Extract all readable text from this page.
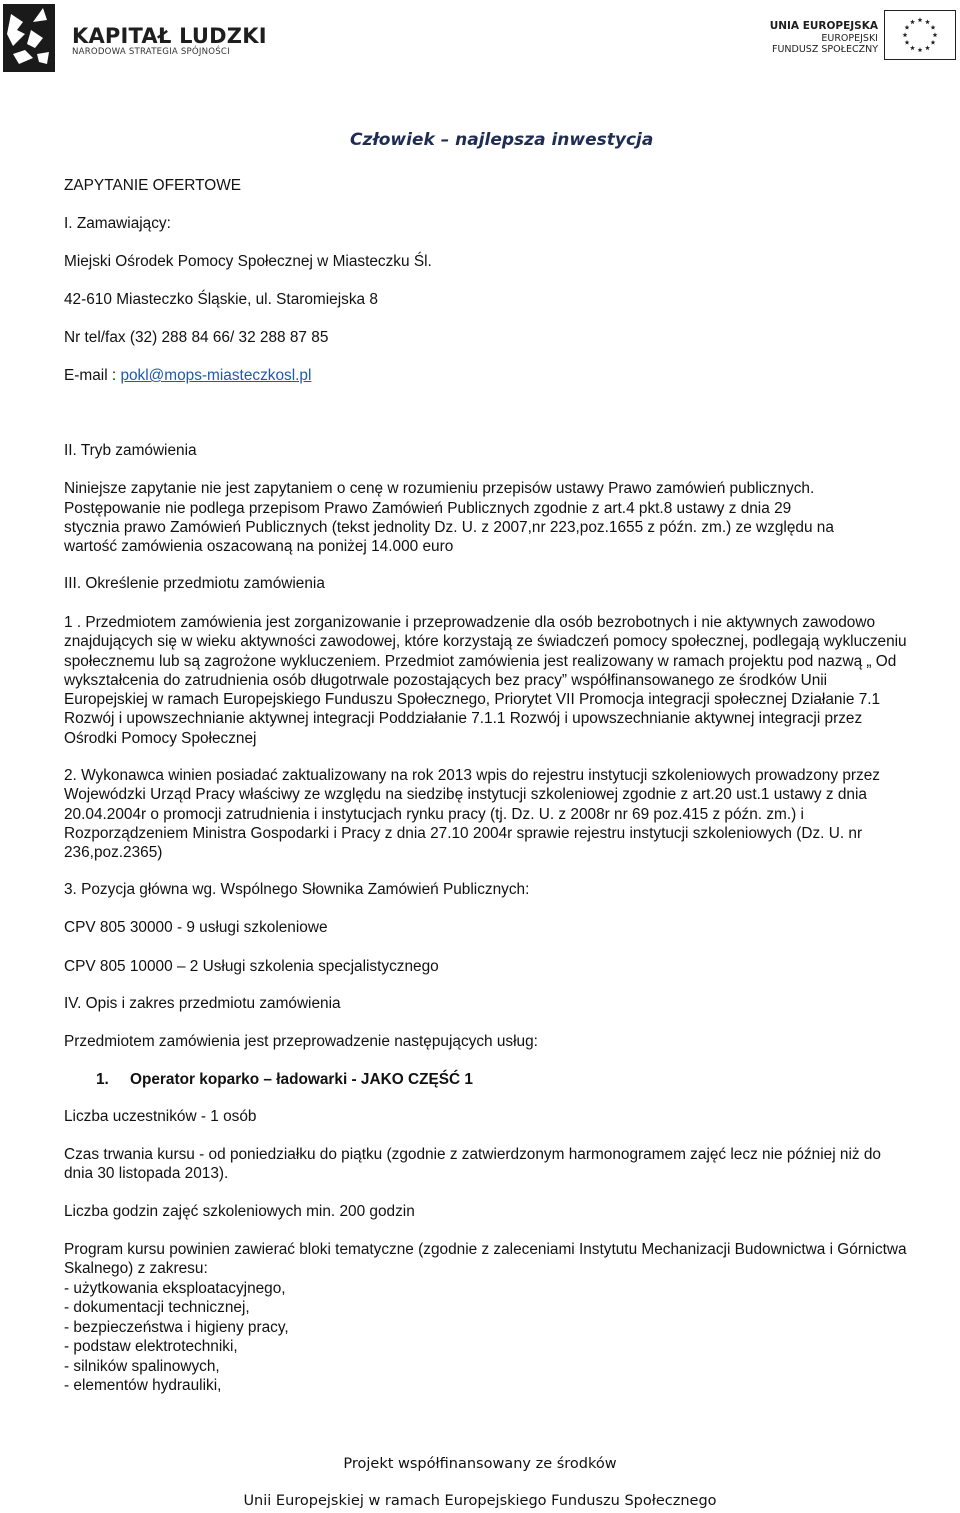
KAPITAŁ LUDZKI
NARODOWA STRATEGIA SPÓJNOŚCI
UNIA EUROPEJSKA
EUROPEJSKI
FUNDUSZ SPOŁECZNY
Człowiek – najlepsza inwestycja
ZAPYTANIE OFERTOWE
I. Zamawiający:
Miejski Ośrodek Pomocy Społecznej w Miasteczku Śl.
42-610 Miasteczko Śląskie, ul. Staromiejska 8
Nr tel/fax (32) 288 84 66/ 32 288 87 85
E-mail : pokl@mops-miasteczkosl.pl
II. Tryb zamówienia
Niniejsze zapytanie nie jest zapytaniem o cenę w rozumieniu przepisów ustawy Prawo zamówień publicznych.
Postępowanie nie podlega przepisom Prawo Zamówień Publicznych zgodnie z art.4 pkt.8 ustawy z dnia 29
stycznia prawo Zamówień Publicznych (tekst jednolity Dz. U. z 2007,nr 223,poz.1655 z późn. zm.) ze względu na
wartość zamówienia oszacowaną na poniżej 14.000 euro
III. Określenie przedmiotu zamówienia
1 . Przedmiotem zamówienia jest zorganizowanie i przeprowadzenie dla osób bezrobotnych i nie aktywnych zawodowo znajdujących się w wieku aktywności zawodowej, które korzystają ze świadczeń pomocy społecznej, podlegają wykluczeniu społecznemu lub są zagrożone wykluczeniem. Przedmiot zamówienia jest realizowany w ramach projektu pod nazwą „ Od wykształcenia do zatrudnienia osób długotrwale pozostających bez pracy” współfinansowanego ze środków Unii Europejskiej w ramach Europejskiego Funduszu Społecznego, Priorytet VII Promocja integracji społecznej Działanie 7.1 Rozwój i upowszechnianie aktywnej integracji Poddziałanie 7.1.1 Rozwój i upowszechnianie aktywnej integracji przez Ośrodki Pomocy Społecznej
2. Wykonawca winien posiadać zaktualizowany na rok 2013 wpis do rejestru instytucji szkoleniowych prowadzony przez Wojewódzki Urząd Pracy właściwy ze względu na siedzibę instytucji szkoleniowej zgodnie z art.20 ust.1 ustawy z dnia 20.04.2004r o promocji zatrudnienia i instytucjach rynku pracy (tj. Dz. U. z 2008r nr 69 poz.415 z późn. zm.) i Rozporządzeniem Ministra Gospodarki i Pracy z dnia 27.10 2004r sprawie rejestru instytucji szkoleniowych (Dz. U. nr 236,poz.2365)
3. Pozycja główna wg. Wspólnego Słownika Zamówień Publicznych:
CPV 805 30000 - 9 usługi szkoleniowe
CPV 805 10000 – 2 Usługi szkolenia specjalistycznego
IV. Opis i zakres przedmiotu zamówienia
Przedmiotem zamówienia jest przeprowadzenie następujących usług:
1. Operator koparko – ładowarki - JAKO CZĘŚĆ 1
Liczba uczestników - 1 osób
Czas trwania kursu - od poniedziałku do piątku (zgodnie z zatwierdzonym harmonogramem zajęć lecz nie później niż do dnia 30 listopada 2013).
Liczba godzin zajęć szkoleniowych min. 200 godzin
Program kursu powinien zawierać bloki tematyczne (zgodnie z zaleceniami Instytutu Mechanizacji Budownictwa i Górnictwa Skalnego) z zakresu:
- użytkowania eksploatacyjnego,
- dokumentacji technicznej,
- bezpieczeństwa i higieny pracy,
- podstaw elektrotechniki,
- silników spalinowych,
- elementów hydrauliki,
Projekt współfinansowany ze środków
Unii Europejskiej w ramach Europejskiego Funduszu Społecznego
